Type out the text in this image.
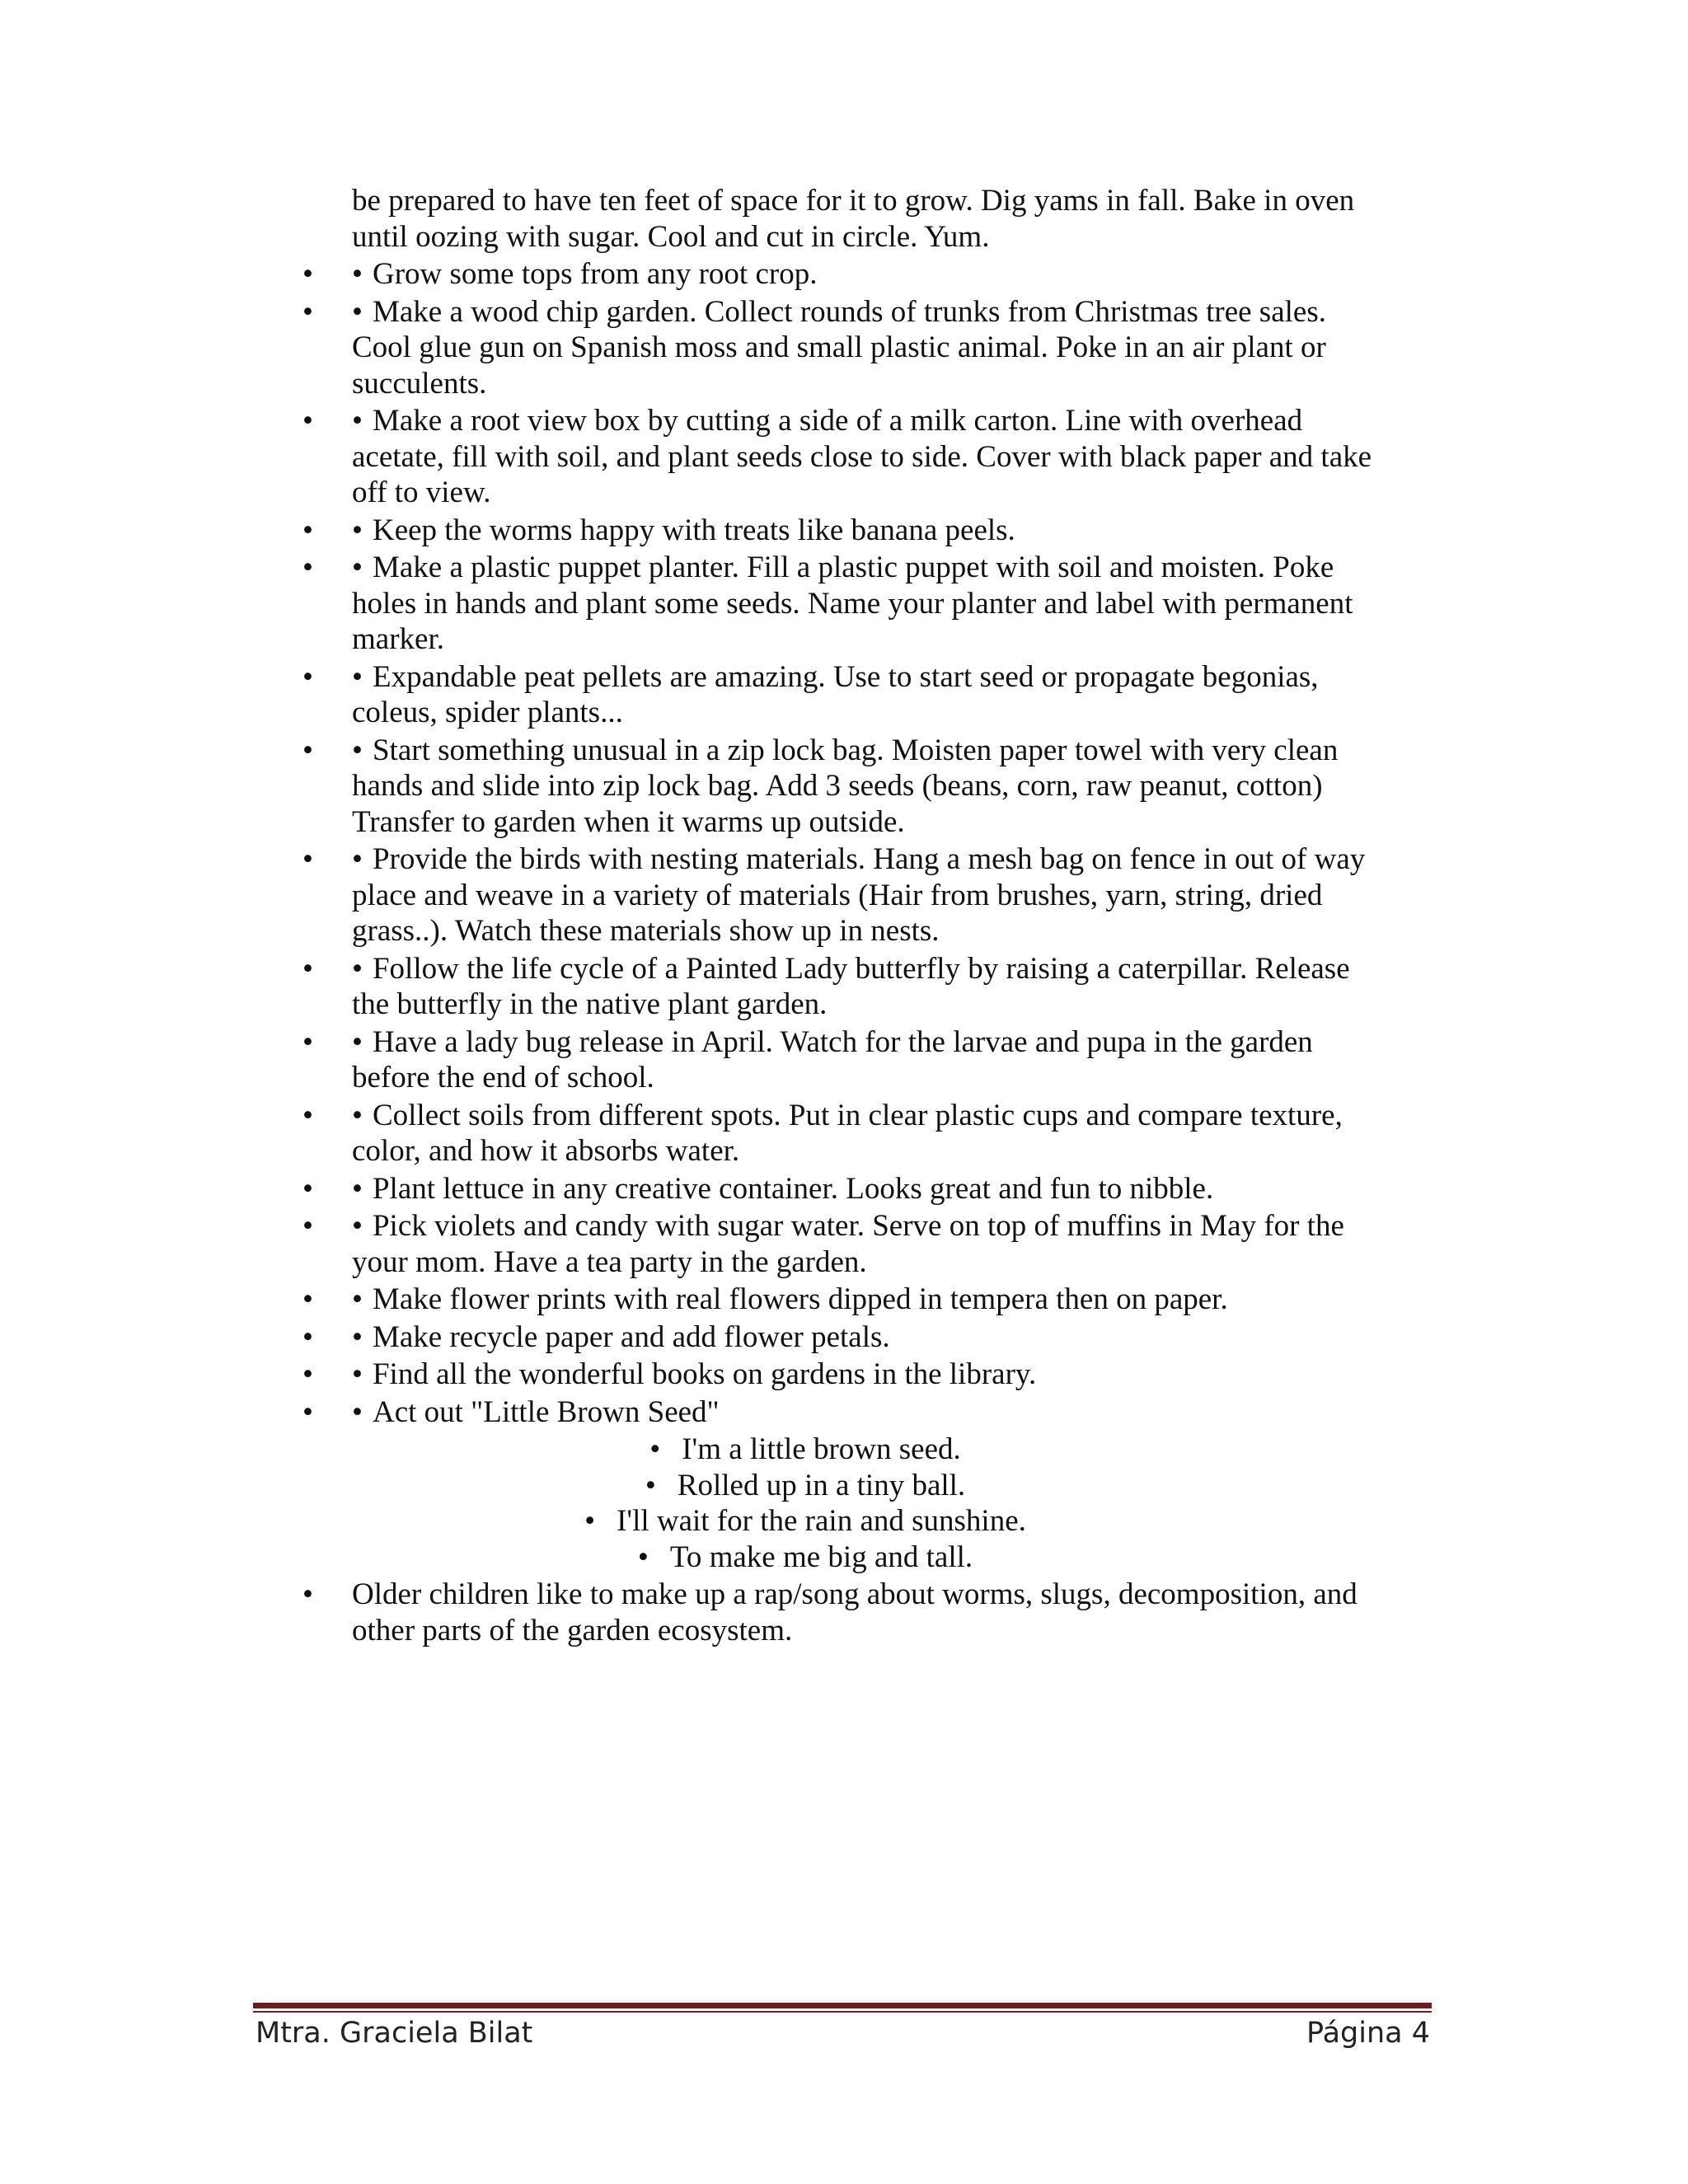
be prepared to have ten feet of space for it to grow. Dig yams in fall. Bake in oven until oozing with sugar. Cool and cut in circle. Yum.
•	• Grow some tops from any root crop.
•	• Make a wood chip garden. Collect rounds of trunks from Christmas tree sales. Cool glue gun on Spanish moss and small plastic animal. Poke in an air plant or succulents.
•	• Make a root view box by cutting a side of a milk carton. Line with overhead acetate, fill with soil, and plant seeds close to side. Cover with black paper and take off to view.
•	• Keep the worms happy with treats like banana peels.
•	• Make a plastic puppet planter. Fill a plastic puppet with soil and moisten. Poke holes in hands and plant some seeds. Name your planter and label with permanent marker.
•	• Expandable peat pellets are amazing. Use to start seed or propagate begonias, coleus, spider plants...
•	• Start something unusual in a zip lock bag. Moisten paper towel with very clean hands and slide into zip lock bag. Add 3 seeds (beans, corn, raw peanut, cotton) Transfer to garden when it warms up outside.
•	• Provide the birds with nesting materials. Hang a mesh bag on fence in out of way place and weave in a variety of materials (Hair from brushes, yarn, string, dried grass..). Watch these materials show up in nests.
•	• Follow the life cycle of a Painted Lady butterfly by raising a caterpillar. Release the butterfly in the native plant garden.
•	• Have a lady bug release in April. Watch for the larvae and pupa in the garden before the end of school.
•	• Collect soils from different spots. Put in clear plastic cups and compare texture, color, and how it absorbs water.
•	• Plant lettuce in any creative container. Looks great and fun to nibble.
•	• Pick violets and candy with sugar water. Serve on top of muffins in May for the your mom. Have a tea party in the garden.
•	• Make flower prints with real flowers dipped in tempera then on paper.
•	• Make recycle paper and add flower petals.
•	• Find all the wonderful books on gardens in the library.
•	• Act out "Little Brown Seed"
• I'm a little brown seed.
• Rolled up in a tiny ball.
• I'll wait for the rain and sunshine.
• To make me big and tall.
•	Older children like to make up a rap/song about worms, slugs, decomposition, and other parts of the garden ecosystem.
Mtra. Graciela Bilat	Página 4
